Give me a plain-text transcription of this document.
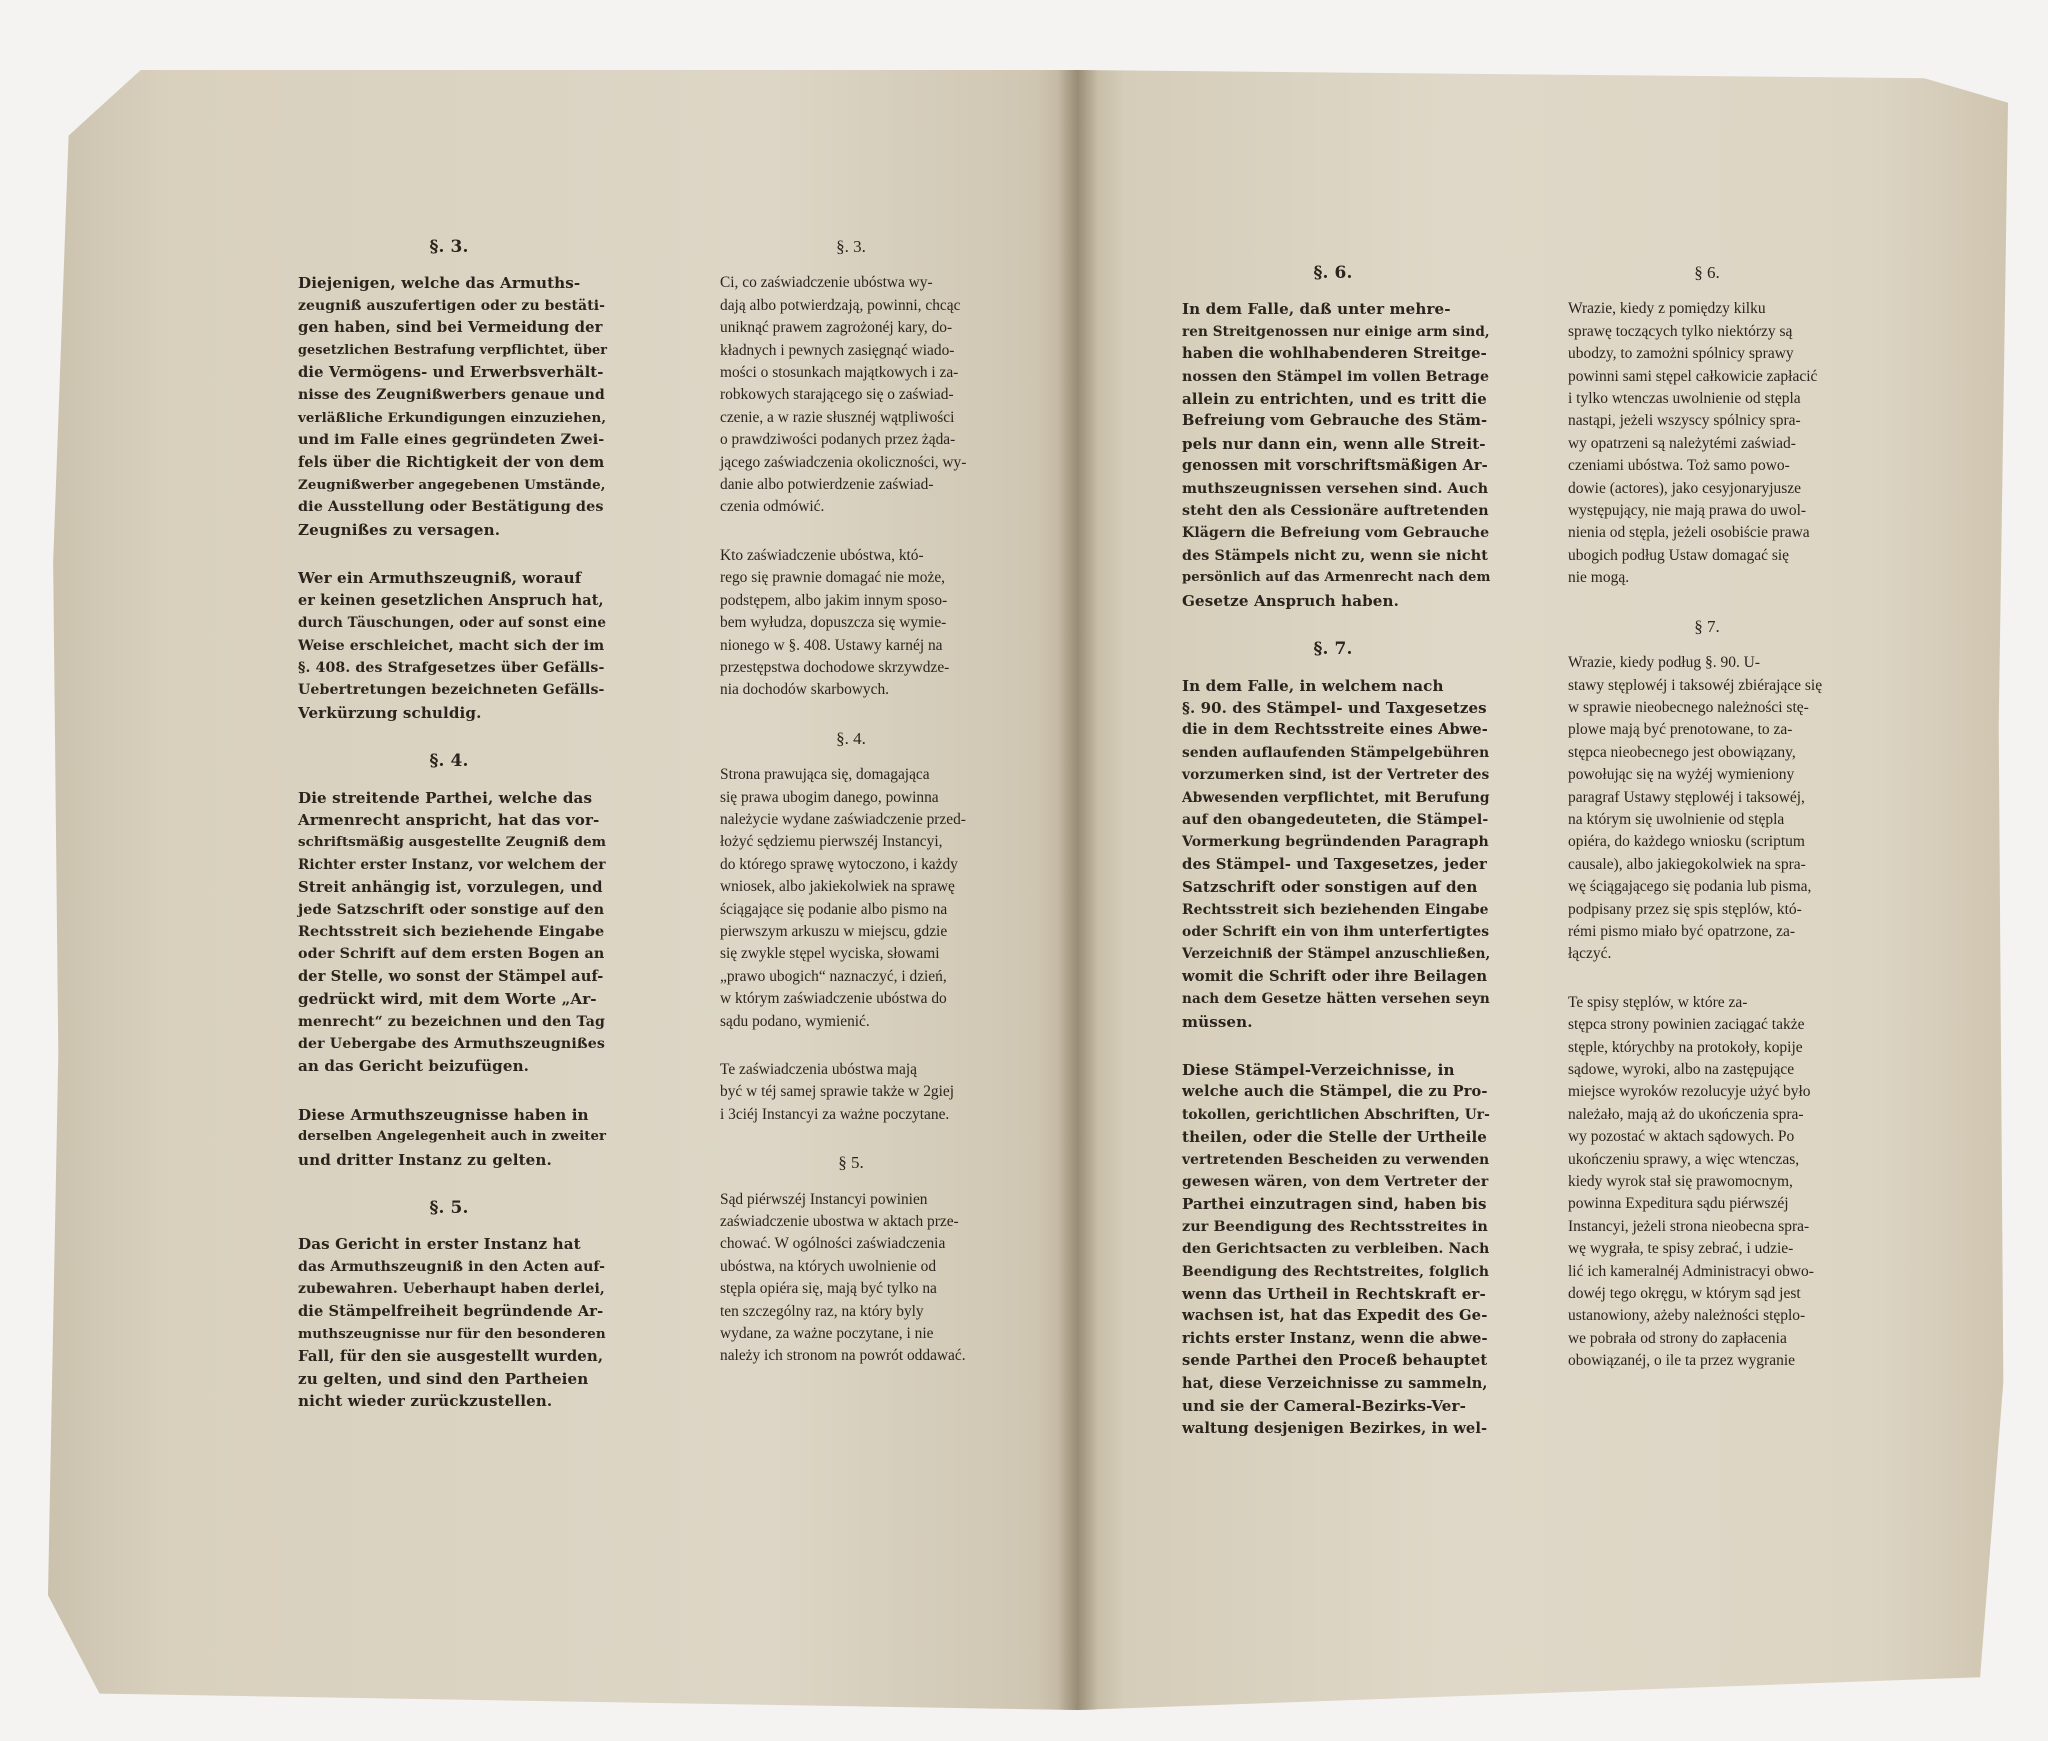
§. 3.
Diejenigen, welche das Armuths-
zeugniß auszufertigen oder zu bestäti-
gen haben, sind bei Vermeidung der
gesetzlichen Bestrafung verpflichtet, über
die Vermögens- und Erwerbsverhält-
nisse des Zeugnißwerbers genaue und
verläßliche Erkundigungen einzuziehen,
und im Falle eines gegründeten Zwei-
fels über die Richtigkeit der von dem
Zeugnißwerber angegebenen Umstände,
die Ausstellung oder Bestätigung des
Zeugnißes zu versagen.
Wer ein Armuthszeugniß, worauf
er keinen gesetzlichen Anspruch hat,
durch Täuschungen, oder auf sonst eine
Weise erschleichet, macht sich der im
§. 408. des Strafgesetzes über Gefälls-
Uebertretungen bezeichneten Gefälls-
Verkürzung schuldig.
§. 4.
Die streitende Parthei, welche das
Armenrecht anspricht, hat das vor-
schriftsmäßig ausgestellte Zeugniß dem
Richter erster Instanz, vor welchem der
Streit anhängig ist, vorzulegen, und
jede Satzschrift oder sonstige auf den
Rechtsstreit sich beziehende Eingabe
oder Schrift auf dem ersten Bogen an
der Stelle, wo sonst der Stämpel auf-
gedrückt wird, mit dem Worte „Ar-
menrecht“ zu bezeichnen und den Tag
der Uebergabe des Armuthszeugnißes
an das Gericht beizufügen.
Diese Armuthszeugnisse haben in
derselben Angelegenheit auch in zweiter
und dritter Instanz zu gelten.
§. 5.
Das Gericht in erster Instanz hat
das Armuthszeugniß in den Acten auf-
zubewahren. Ueberhaupt haben derlei,
die Stämpelfreiheit begründende Ar-
muthszeugnisse nur für den besonderen
Fall, für den sie ausgestellt wurden,
zu gelten, und sind den Partheien
nicht wieder zurückzustellen.
§. 3.
Ci, co zaświadczenie ubóstwa wy-
dają albo potwierdzają, powinni, chcąc
uniknąć prawem zagrożonéj kary, do-
kładnych i pewnych zasięgnąć wiado-
mości o stosunkach majątkowych i za-
robkowych starającego się o zaświad-
czenie, a w razie słusznéj wątpliwości
o prawdziwości podanych przez żąda-
jącego zaświadczenia okoliczności, wy-
danie albo potwierdzenie zaświad-
czenia odmówić.
Kto zaświadczenie ubóstwa, któ-
rego się prawnie domagać nie może,
podstępem, albo jakim innym sposo-
bem wyłudza, dopuszcza się wymie-
nionego w §. 408. Ustawy karnéj na
przestępstwa dochodowe skrzywdze-
nia dochodów skarbowych.
§. 4.
Strona prawująca się, domagająca
się prawa ubogim danego, powinna
należycie wydane zaświadczenie przed-
łożyć sędziemu pierwszéj Instancyi,
do którego sprawę wytoczono, i każdy
wniosek, albo jakiekolwiek na sprawę
ściągające się podanie albo pismo na
pierwszym arkuszu w miejscu, gdzie
się zwykle stępel wyciska, słowami
„prawo ubogich“ naznaczyć, i dzień,
w którym zaświadczenie ubóstwa do
sądu podano, wymienić.
Te zaświadczenia ubóstwa mają
być w téj samej sprawie także w 2giej
i 3ciéj Instancyi za ważne poczytane.
§ 5.
Sąd piérwszéj Instancyi powinien
zaświadczenie ubostwa w aktach prze-
chować. W ogólności zaświadczenia
ubóstwa, na których uwolnienie od
stępla opiéra się, mają być tylko na
ten szczególny raz, na który byly
wydane, za ważne poczytane, i nie
należy ich stronom na powrót oddawać.
§. 6.
In dem Falle, daß unter mehre-
ren Streitgenossen nur einige arm sind,
haben die wohlhabenderen Streitge-
nossen den Stämpel im vollen Betrage
allein zu entrichten, und es tritt die
Befreiung vom Gebrauche des Stäm-
pels nur dann ein, wenn alle Streit-
genossen mit vorschriftsmäßigen Ar-
muthszeugnissen versehen sind. Auch
steht den als Cessionäre auftretenden
Klägern die Befreiung vom Gebrauche
des Stämpels nicht zu, wenn sie nicht
persönlich auf das Armenrecht nach dem
Gesetze Anspruch haben.
§. 7.
In dem Falle, in welchem nach
§. 90. des Stämpel- und Taxgesetzes
die in dem Rechtsstreite eines Abwe-
senden auflaufenden Stämpelgebühren
vorzumerken sind, ist der Vertreter des
Abwesenden verpflichtet, mit Berufung
auf den obangedeuteten, die Stämpel-
Vormerkung begründenden Paragraph
des Stämpel- und Taxgesetzes, jeder
Satzschrift oder sonstigen auf den
Rechtsstreit sich beziehenden Eingabe
oder Schrift ein von ihm unterfertigtes
Verzeichniß der Stämpel anzuschließen,
womit die Schrift oder ihre Beilagen
nach dem Gesetze hätten versehen seyn
müssen.
Diese Stämpel-Verzeichnisse, in
welche auch die Stämpel, die zu Pro-
tokollen, gerichtlichen Abschriften, Ur-
theilen, oder die Stelle der Urtheile
vertretenden Bescheiden zu verwenden
gewesen wären, von dem Vertreter der
Parthei einzutragen sind, haben bis
zur Beendigung des Rechtsstreites in
den Gerichtsacten zu verbleiben. Nach
Beendigung des Rechtstreites, folglich
wenn das Urtheil in Rechtskraft er-
wachsen ist, hat das Expedit des Ge-
richts erster Instanz, wenn die abwe-
sende Parthei den Proceß behauptet
hat, diese Verzeichnisse zu sammeln,
und sie der Cameral-Bezirks-Ver-
waltung desjenigen Bezirkes, in wel-
§ 6.
Wrazie, kiedy z pomiędzy kilku
sprawę toczących tylko niektórzy są
ubodzy, to zamożni spólnicy sprawy
powinni sami stępel całkowicie zapłacić
i tylko wtenczas uwolnienie od stępla
nastąpi, jeżeli wszyscy spólnicy spra-
wy opatrzeni są należytémi zaświad-
czeniami ubóstwa. Toż samo powo-
dowie (actores), jako cesyjonaryjusze
występujący, nie mają prawa do uwol-
nienia od stępla, jeżeli osobiście prawa
ubogich podług Ustaw domagać się
nie mogą.
§ 7.
Wrazie, kiedy podług §. 90. U-
stawy stęplowéj i taksowéj zbiérające się
w sprawie nieobecnego należności stę-
plowe mają być prenotowane, to za-
stępca nieobecnego jest obowiązany,
powołując się na wyżéj wymieniony
paragraf Ustawy stęplowéj i taksowéj,
na którym się uwolnienie od stępla
opiéra, do każdego wniosku (scriptum
causale), albo jakiegokolwiek na spra-
wę ściągającego się podania lub pisma,
podpisany przez się spis stęplów, któ-
rémi pismo miało być opatrzone, za-
łączyć.
Te spisy stęplów, w które za-
stępca strony powinien zaciągać także
stęple, którychby na protokoły, kopije
sądowe, wyroki, albo na zastępujące
miejsce wyroków rezolucyje użyć było
należało, mają aż do ukończenia spra-
wy pozostać w aktach sądowych. Po
ukończeniu sprawy, a więc wtenczas,
kiedy wyrok stał się prawomocnym,
powinna Expeditura sądu piérwszéj
Instancyi, jeżeli strona nieobecna spra-
wę wygrała, te spisy zebrać, i udzie-
lić ich kameralnéj Administracyi obwo-
dowéj tego okręgu, w którym sąd jest
ustanowiony, ażeby należności stęplo-
we pobrała od strony do zapłacenia
obowiązanéj, o ile ta przez wygranie
